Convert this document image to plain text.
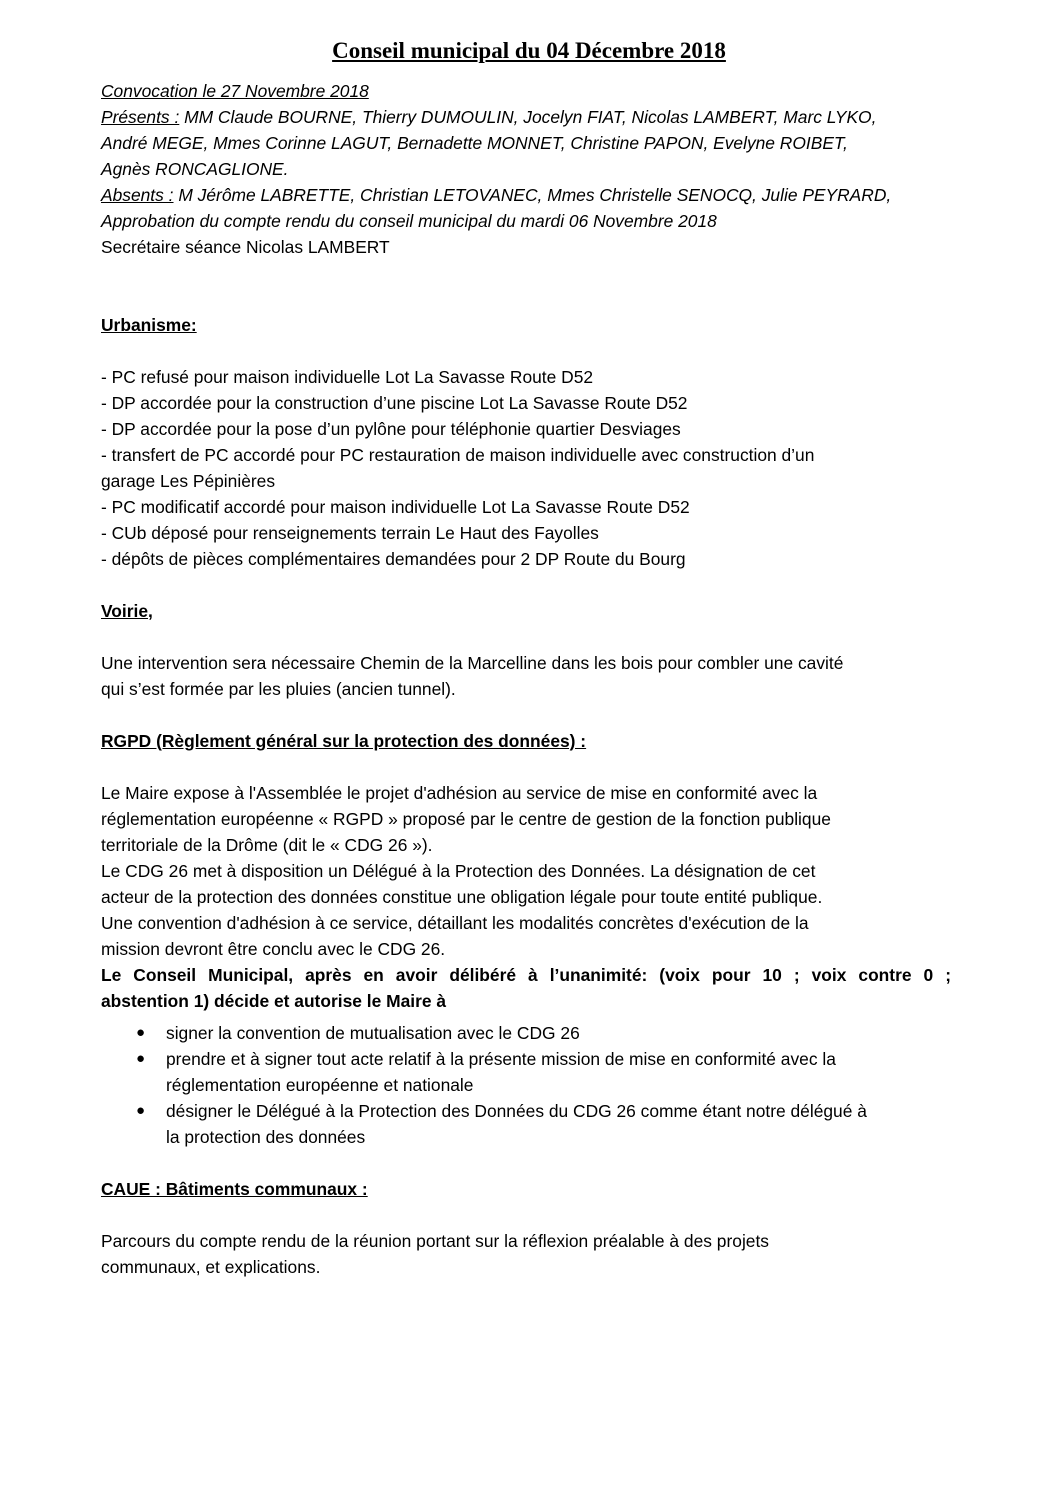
Conseil municipal du 04 Décembre 2018

Convocation le 27 Novembre 2018

Présents : MM Claude BOURNE, Thierry DUMOULIN, Jocelyn FIAT, Nicolas LAMBERT, Marc LYKO,

André MEGE, Mmes Corinne LAGUT, Bernadette MONNET, Christine PAPON, Evelyne ROIBET,

Agnès RONCAGLIONE.

Absents : M Jérôme LABRETTE, Christian LETOVANEC, Mmes Christelle SENOCQ, Julie PEYRARD,

Approbation du compte rendu du conseil municipal du mardi 06 Novembre 2018

Secrétaire séance Nicolas LAMBERT

Urbanisme:

- PC refusé pour maison individuelle Lot La Savasse Route D52

- DP accordée pour la construction d’une piscine Lot La Savasse Route D52

- DP accordée pour la pose d’un pylône pour téléphonie quartier Desviages

- transfert de PC accordé pour PC restauration de maison individuelle avec construction d’un

garage Les Pépinières

- PC modificatif accordé pour maison individuelle Lot La Savasse Route D52

- CUb déposé pour renseignements terrain Le Haut des Fayolles

- dépôts de pièces complémentaires demandées pour 2 DP Route du Bourg

Voirie,

Une intervention sera nécessaire Chemin de la Marcelline dans les bois pour combler une cavité

qui s’est formée par les pluies (ancien tunnel).

RGPD (Règlement général sur la protection des données) :

Le Maire expose à l'Assemblée le projet d'adhésion au service de mise en conformité avec la

réglementation européenne « RGPD » proposé par le centre de gestion de la fonction publique

territoriale de la Drôme (dit le « CDG 26 »).

Le CDG 26 met à disposition un Délégué à la Protection des Données. La désignation de cet

acteur de la protection des données constitue une obligation légale pour toute entité publique.

Une convention d'adhésion à ce service, détaillant les modalités concrètes d'exécution de la

mission devront être conclu avec le CDG 26.

Le Conseil Municipal, après en avoir délibéré à l’unanimité: (voix pour 10 ; voix contre 0 ;

abstention 1) décide et autorise le Maire à

● signer la convention de mutualisation avec le CDG 26
● prendre et à signer tout acte relatif à la présente mission de mise en conformité avec la
réglementation européenne et nationale
● désigner le Délégué à la Protection des Données du CDG 26 comme étant notre délégué à
la protection des données

CAUE : Bâtiments communaux :

Parcours du compte rendu de la réunion portant sur la réflexion préalable à des projets

communaux, et explications.
